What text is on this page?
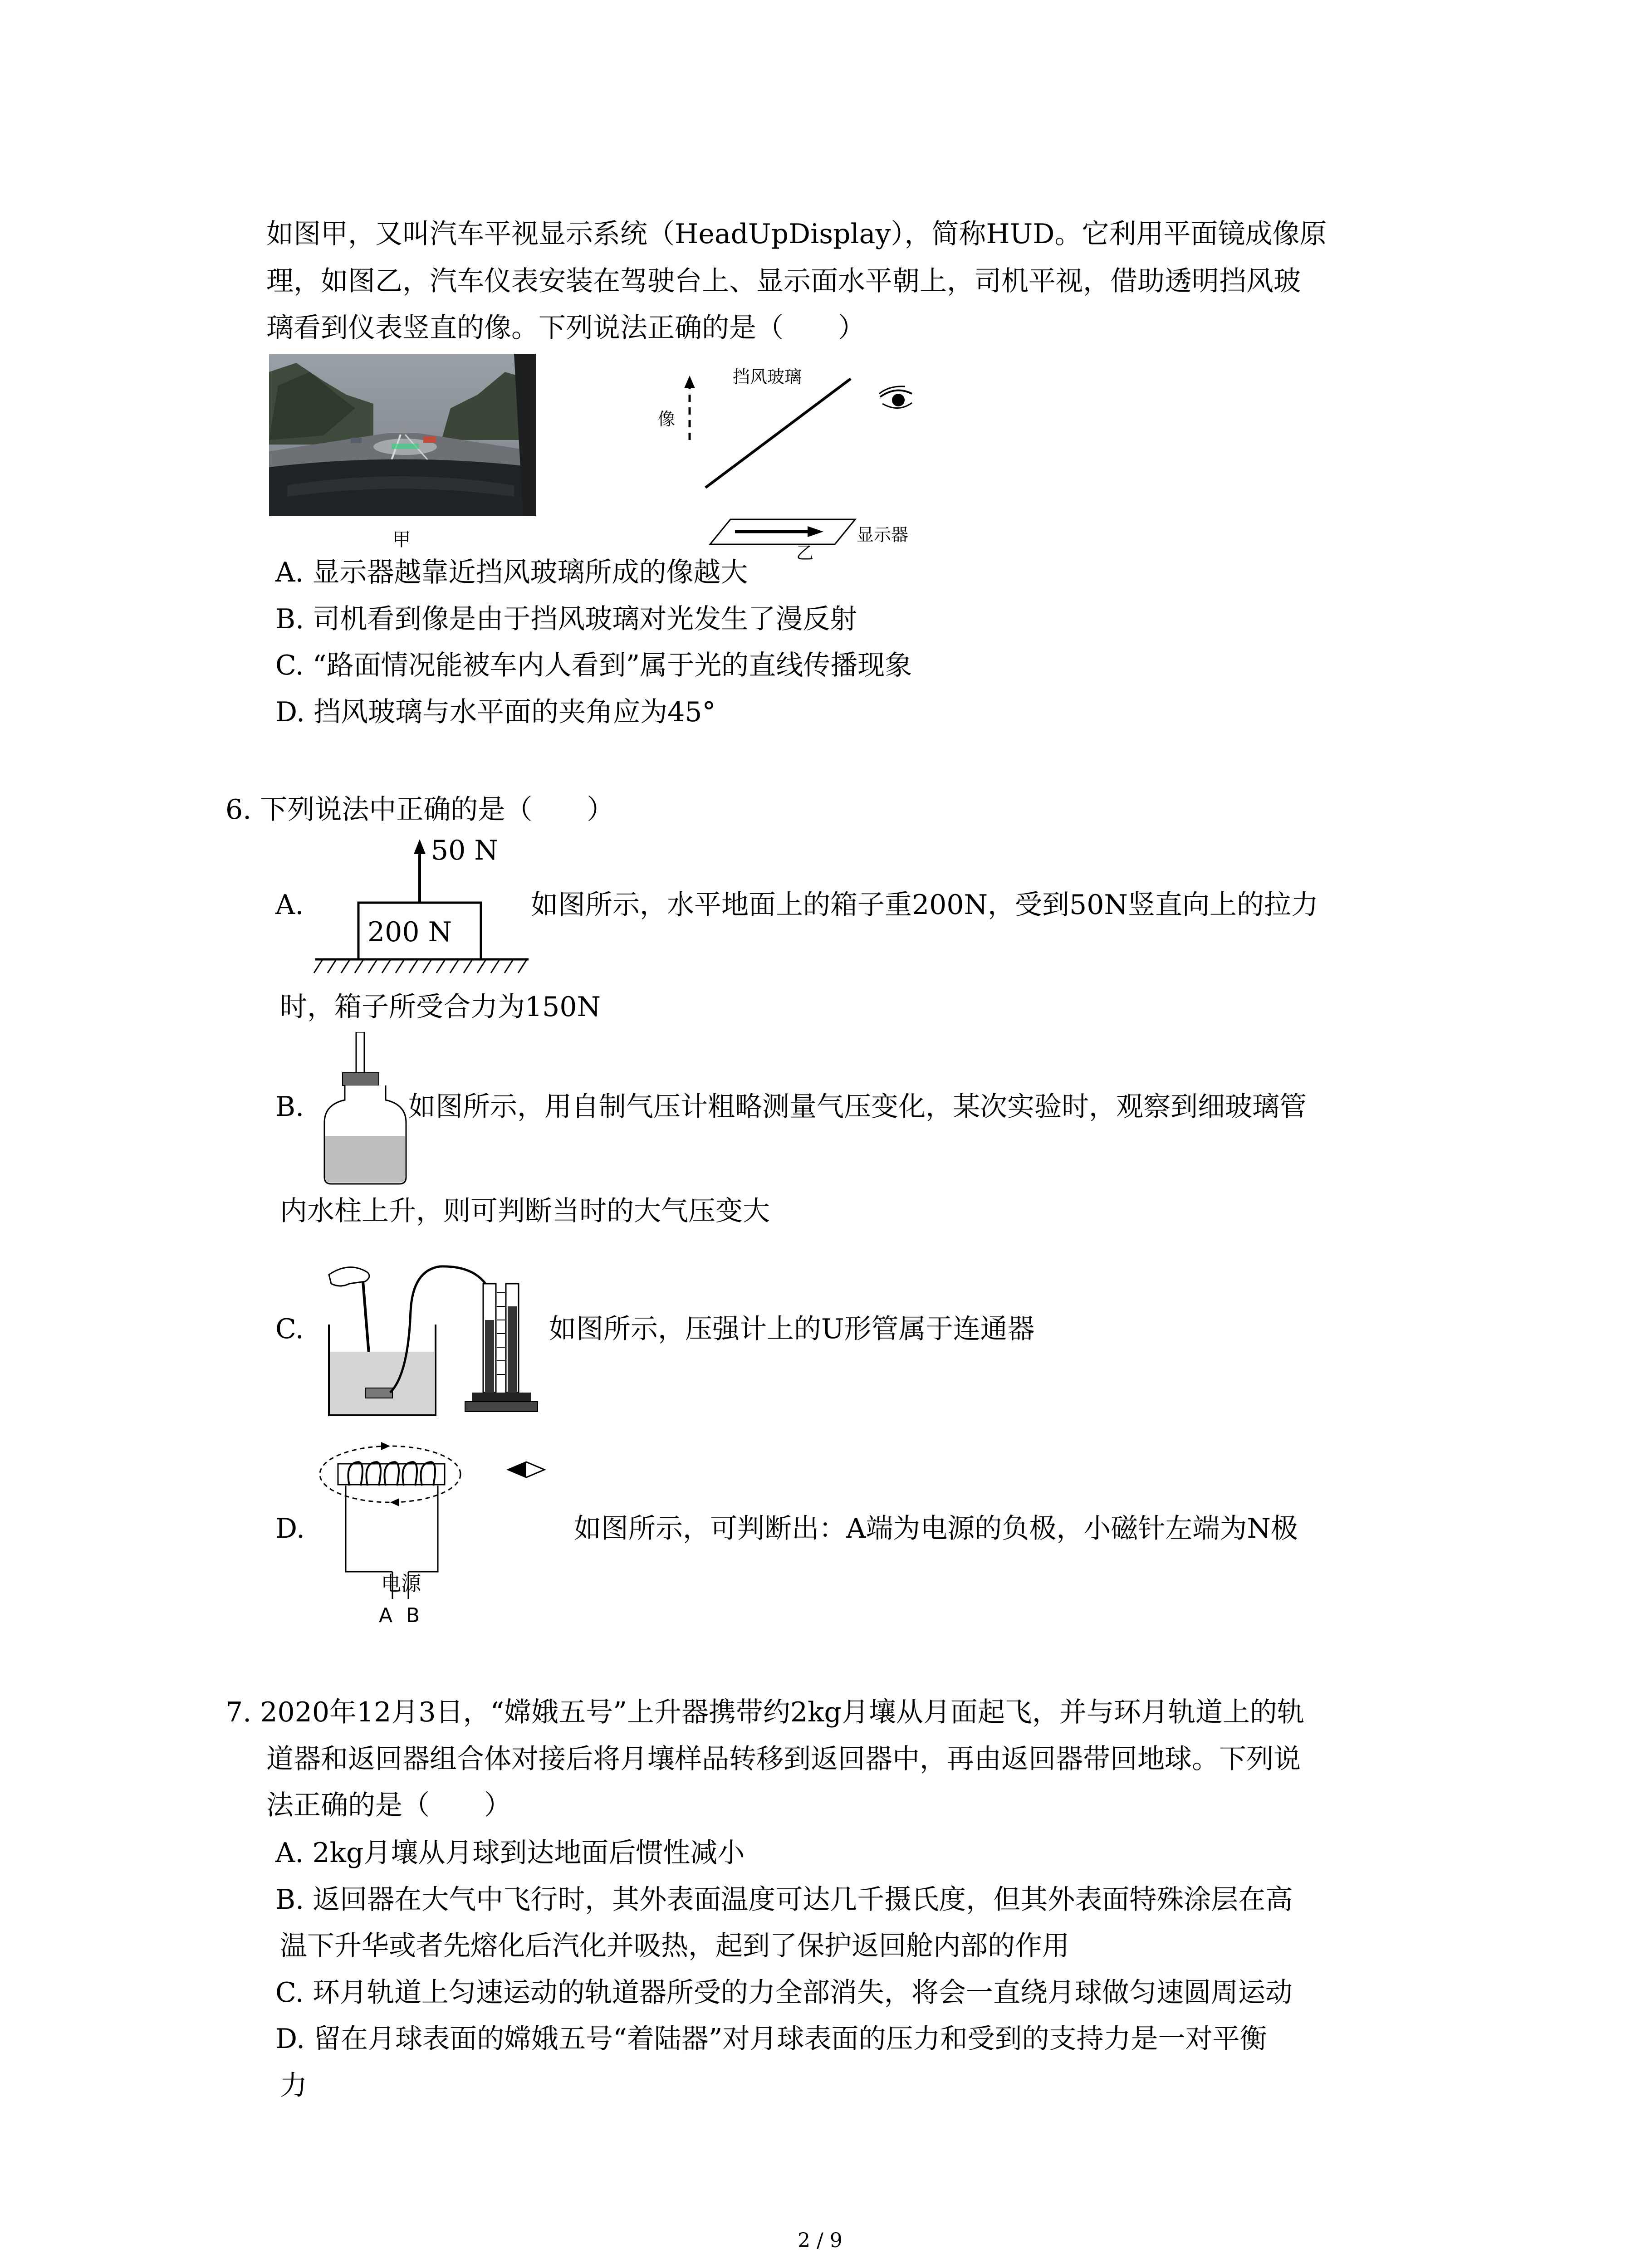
如图甲，又叫汽车平视显示系统（HeadUpDisplay），简称HUD。它利用平面镜成像原
理，如图乙，汽车仪表安装在驾驶台上、显示面水平朝上，司机平视，借助透明挡风玻
璃看到仪表竖直的像。下列说法正确的是（　　）
甲
挡风玻璃
像
显示器
乙
A. 显示器越靠近挡风玻璃所成的像越大
B. 司机看到像是由于挡风玻璃对光发生了漫反射
C. “路面情况能被车内人看到”属于光的直线传播现象
D. 挡风玻璃与水平面的夹角应为45°
6. 下列说法中正确的是（　　）
A.
50 N
200 N
如图所示，水平地面上的箱子重200N，受到50N竖直向上的拉力
时，箱子所受合力为150N
B.	如图所示，用自制气压计粗略测量气压变化，某次实验时，观察到细玻璃管
内水柱上升，则可判断当时的大气压变大
C.	如图所示，压强计上的U形管属于连通器
D.
电源
A B
如图所示，可判断出：A端为电源的负极，小磁针左端为N极
7. 2020年12月3日，“嫦娥五号”上升器携带约2kg月壤从月面起飞，并与环月轨道上的轨
道器和返回器组合体对接后将月壤样品转移到返回器中，再由返回器带回地球。下列说
法正确的是（　　）
A. 2kg月壤从月球到达地面后惯性减小
B. 返回器在大气中飞行时，其外表面温度可达几千摄氏度，但其外表面特殊涂层在高
温下升华或者先熔化后汽化并吸热，起到了保护返回舱内部的作用
C. 环月轨道上匀速运动的轨道器所受的力全部消失，将会一直绕月球做匀速圆周运动
D. 留在月球表面的嫦娥五号“着陆器”对月球表面的压力和受到的支持力是一对平衡
力
2 / 9
